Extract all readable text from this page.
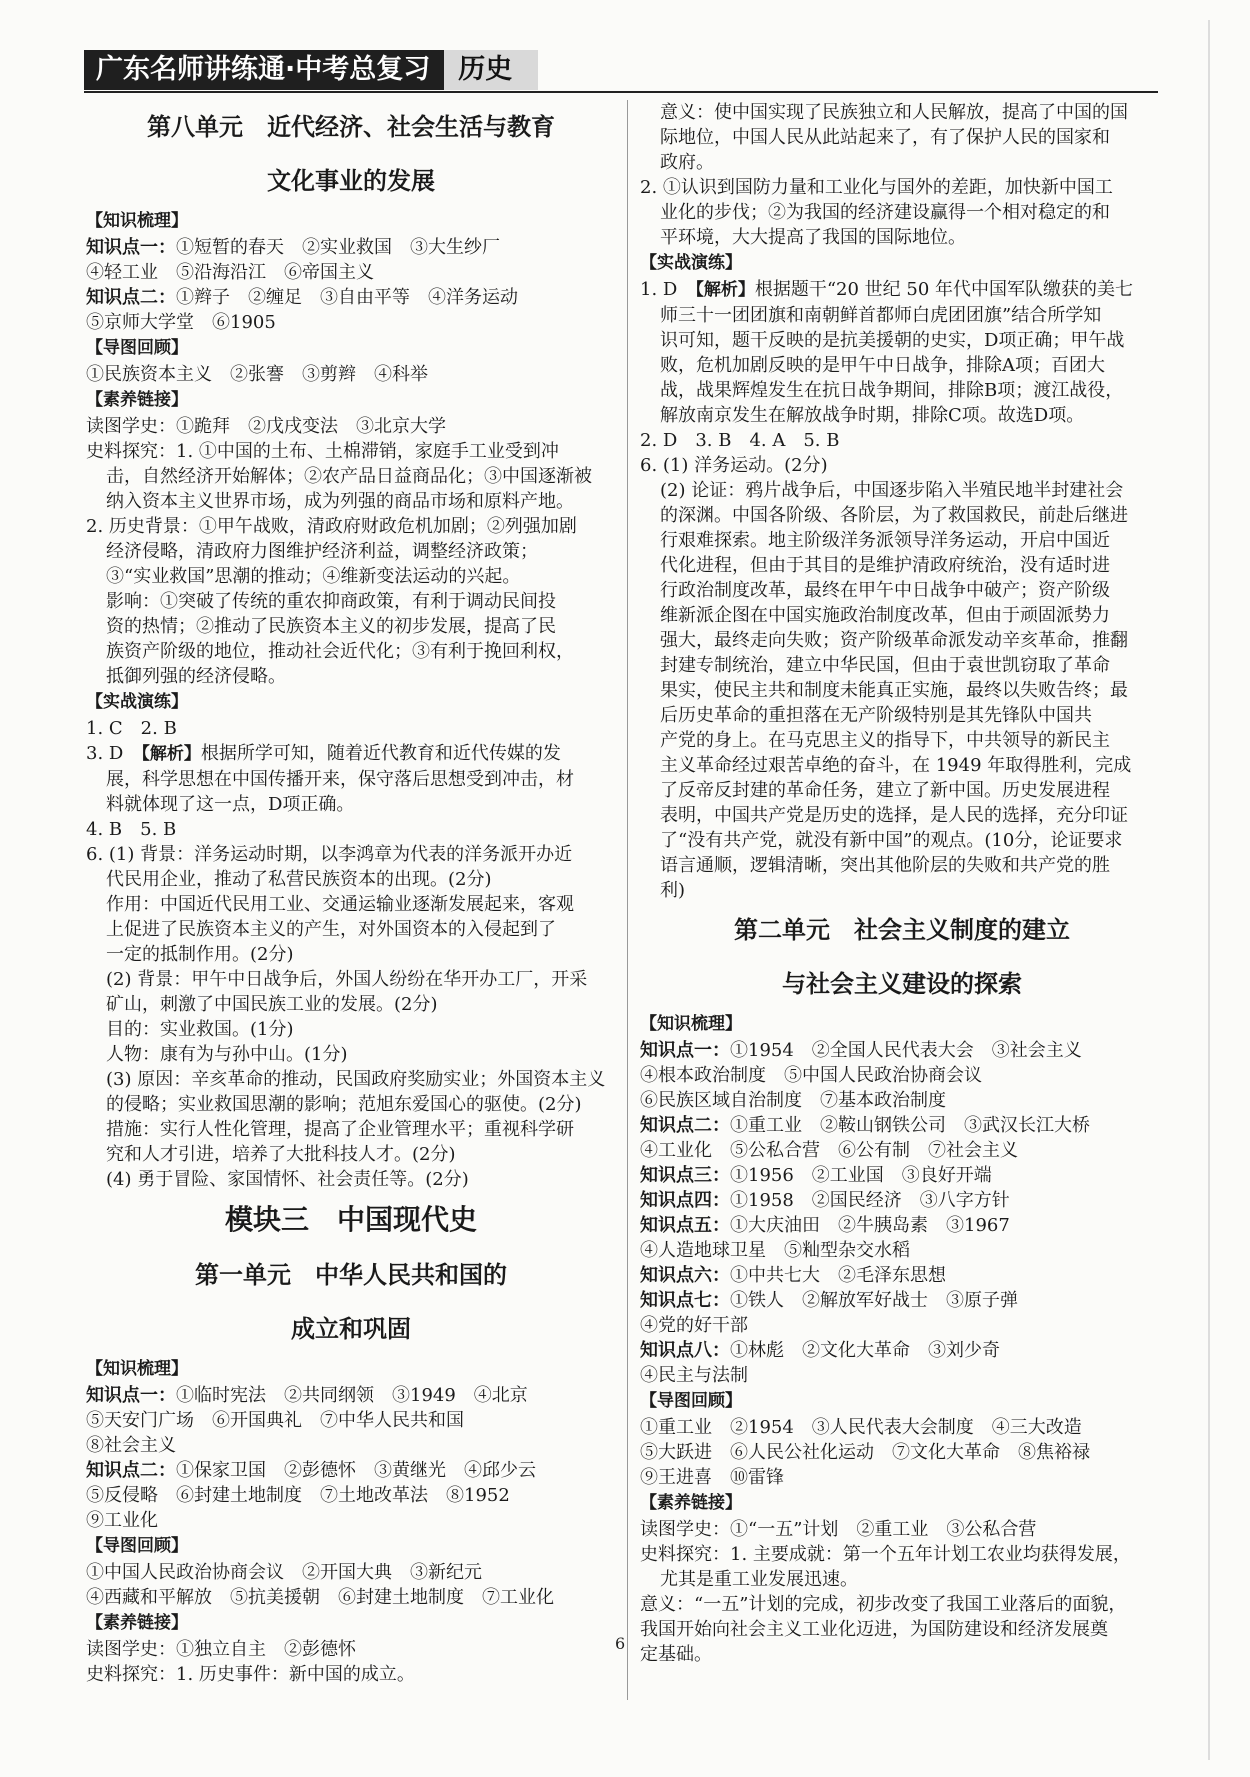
广东名师讲练通·中考总复习	历史

第八单元　近代经济、社会生活与教育

文化事业的发展

【知识梳理】

知识点一：①短暂的春天　②实业救国　③大生纱厂

④轻工业　⑤沿海沿江　⑥帝国主义

知识点二：①辫子　②缠足　③自由平等　④洋务运动

⑤京师大学堂　⑥1905

【导图回顾】

①民族资本主义　②张謇　③剪辫　④科举

【素养链接】

读图学史：①跪拜　②戊戌变法　③北京大学

史料探究：1. ①中国的土布、土棉滞销，家庭手工业受到冲

击，自然经济开始解体；②农产品日益商品化；③中国逐渐被

纳入资本主义世界市场，成为列强的商品市场和原料产地。

2. 历史背景：①甲午战败，清政府财政危机加剧；②列强加剧

经济侵略，清政府力图维护经济利益，调整经济政策；

③“实业救国”思潮的推动；④维新变法运动的兴起。

影响：①突破了传统的重农抑商政策，有利于调动民间投

资的热情；②推动了民族资本主义的初步发展，提高了民

族资产阶级的地位，推动社会近代化；③有利于挽回利权，

抵御列强的经济侵略。

【实战演练】

1. C　2. B

3. D　 【解析】根据所学可知，随着近代教育和近代传媒的发

展，科学思想在中国传播开来，保守落后思想受到冲击，材

料就体现了这一点，D项正确。

4. B　5. B

6. (1) 背景：洋务运动时期，以李鸿章为代表的洋务派开办近

代民用企业，推动了私营民族资本的出现。(2分)

作用：中国近代民用工业、交通运输业逐渐发展起来，客观

上促进了民族资本主义的产生，对外国资本的入侵起到了

一定的抵制作用。(2分)

(2) 背景：甲午中日战争后，外国人纷纷在华开办工厂，开采

矿山，刺激了中国民族工业的发展。(2分)

目的：实业救国。(1分)

人物：康有为与孙中山。(1分)

(3) 原因：辛亥革命的推动，民国政府奖励实业；外国资本主义

的侵略；实业救国思潮的影响；范旭东爱国心的驱使。(2分)

措施：实行人性化管理，提高了企业管理水平；重视科学研

究和人才引进，培养了大批科技人才。(2分)

(4) 勇于冒险、家国情怀、社会责任等。(2分)

模块三　中国现代史

第一单元　中华人民共和国的

成立和巩固

【知识梳理】

知识点一：①临时宪法　②共同纲领　③1949　④北京

⑤天安门广场　⑥开国典礼　⑦中华人民共和国

⑧社会主义

知识点二：①保家卫国　②彭德怀　③黄继光　④邱少云

⑤反侵略　⑥封建土地制度　⑦土地改革法　⑧1952

⑨工业化

【导图回顾】

①中国人民政治协商会议　②开国大典　③新纪元

④西藏和平解放　⑤抗美援朝　⑥封建土地制度　⑦工业化

【素养链接】

读图学史：①独立自主　②彭德怀

史料探究：1. 历史事件：新中国的成立。

意义：使中国实现了民族独立和人民解放，提高了中国的国

际地位，中国人民从此站起来了，有了保护人民的国家和

政府。

2. ①认识到国防力量和工业化与国外的差距，加快新中国工

业化的步伐；②为我国的经济建设赢得一个相对稳定的和

平环境，大大提高了我国的国际地位。

【实战演练】

1. D　 【解析】根据题干“20 世纪 50 年代中国军队缴获的美七

师三十一团团旗和南朝鲜首都师白虎团团旗”结合所学知

识可知，题干反映的是抗美援朝的史实，D项正确；甲午战

败，危机加剧反映的是甲午中日战争，排除A项；百团大

战，战果辉煌发生在抗日战争期间，排除B项；渡江战役，

解放南京发生在解放战争时期，排除C项。故选D项。

2. D　3. B　4. A　5. B

6. (1) 洋务运动。(2分)

(2) 论证：鸦片战争后，中国逐步陷入半殖民地半封建社会

的深渊。中国各阶级、各阶层，为了救国救民，前赴后继进

行艰难探索。地主阶级洋务派领导洋务运动，开启中国近

代化进程，但由于其目的是维护清政府统治，没有适时进

行政治制度改革，最终在甲午中日战争中破产；资产阶级

维新派企图在中国实施政治制度改革，但由于顽固派势力

强大，最终走向失败；资产阶级革命派发动辛亥革命，推翻

封建专制统治，建立中华民国，但由于袁世凯窃取了革命

果实，使民主共和制度未能真正实施，最终以失败告终；最

后历史革命的重担落在无产阶级特别是其先锋队中国共

产党的身上。在马克思主义的指导下，中共领导的新民主

主义革命经过艰苦卓绝的奋斗，在 1949 年取得胜利，完成

了反帝反封建的革命任务，建立了新中国。历史发展进程

表明，中国共产党是历史的选择，是人民的选择，充分印证

了“没有共产党，就没有新中国”的观点。(10分，论证要求

语言通顺，逻辑清晰，突出其他阶层的失败和共产党的胜

利)

第二单元　社会主义制度的建立

与社会主义建设的探索

【知识梳理】

知识点一：①1954　②全国人民代表大会　③社会主义

④根本政治制度　⑤中国人民政治协商会议

⑥民族区域自治制度　⑦基本政治制度

知识点二：①重工业　②鞍山钢铁公司　③武汉长江大桥

④工业化　⑤公私合营　⑥公有制　⑦社会主义

知识点三：①1956　②工业国　③良好开端

知识点四：①1958　②国民经济　③八字方针

知识点五：①大庆油田　②牛胰岛素　③1967

④人造地球卫星　⑤籼型杂交水稻

知识点六：①中共七大　②毛泽东思想

知识点七：①铁人　②解放军好战士　③原子弹

④党的好干部

知识点八：①林彪　②文化大革命　③刘少奇

④民主与法制

【导图回顾】

①重工业　②1954　③人民代表大会制度　④三大改造

⑤大跃进　⑥人民公社化运动　⑦文化大革命　⑧焦裕禄

⑨王进喜　⑩雷锋

【素养链接】

读图学史：①“一五”计划　②重工业　③公私合营

史料探究：1. 主要成就：第一个五年计划工农业均获得发展，

尤其是重工业发展迅速。

意义：“一五”计划的完成，初步改变了我国工业落后的面貌，

我国开始向社会主义工业化迈进，为国防建设和经济发展奠

定基础。

6
